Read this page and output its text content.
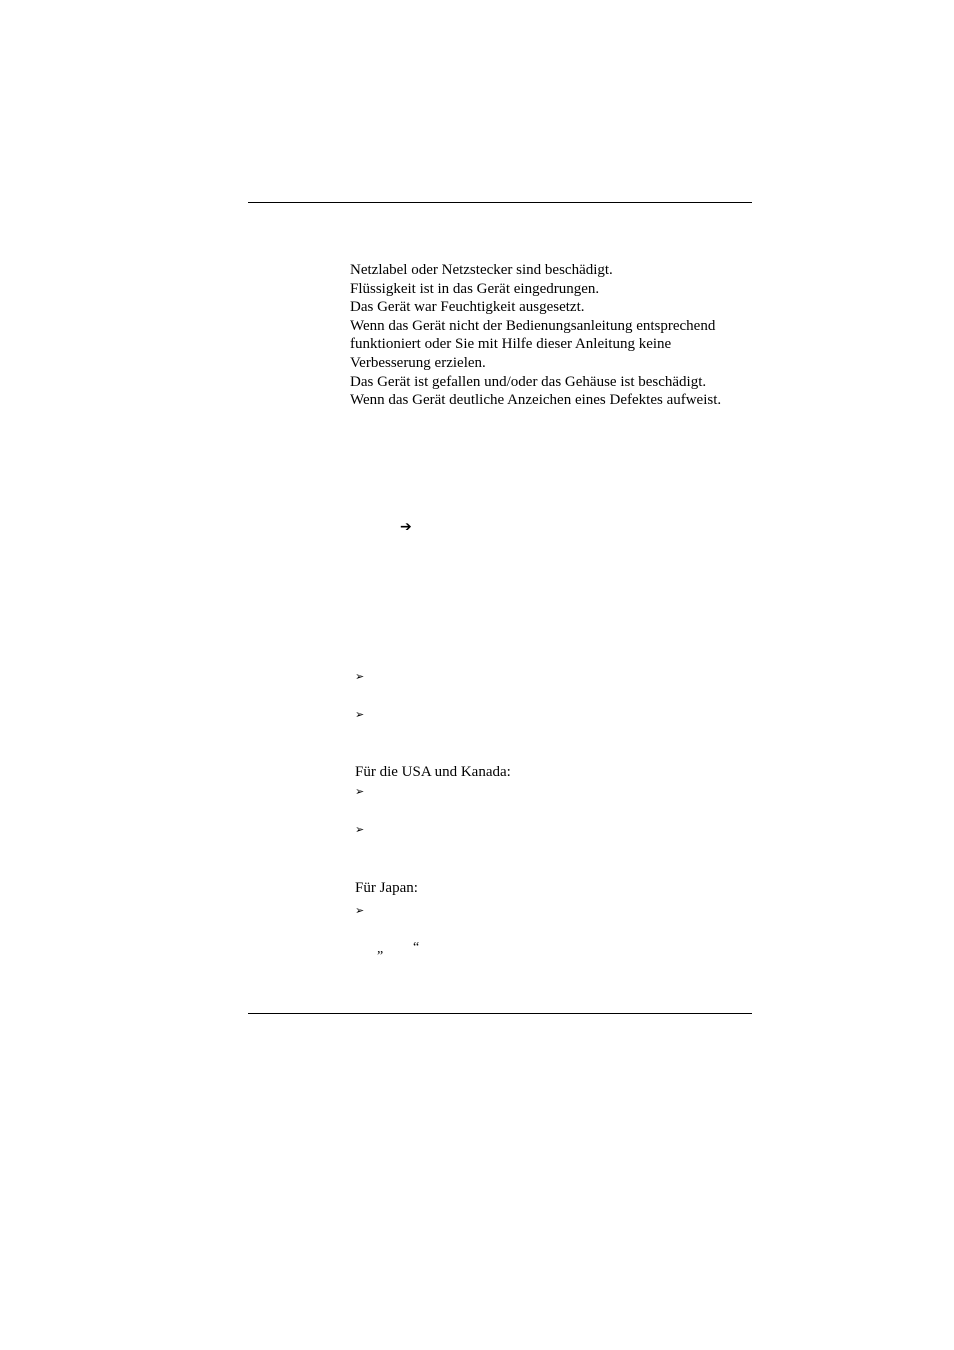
Netzlabel oder Netzstecker sind beschädigt.
Flüssigkeit ist in das Gerät eingedrungen.
Das Gerät war Feuchtigkeit ausgesetzt.
Wenn das Gerät nicht der Bedienungsanleitung entsprechend
funktioniert oder Sie mit Hilfe dieser Anleitung keine
Verbesserung erzielen.
Das Gerät ist gefallen und/oder das Gehäuse ist beschädigt.
Wenn das Gerät deutliche Anzeichen eines Defektes aufweist.
➔
➢
➢
Für die USA und Kanada:
➢
➢
Für Japan:
➢
”
“
